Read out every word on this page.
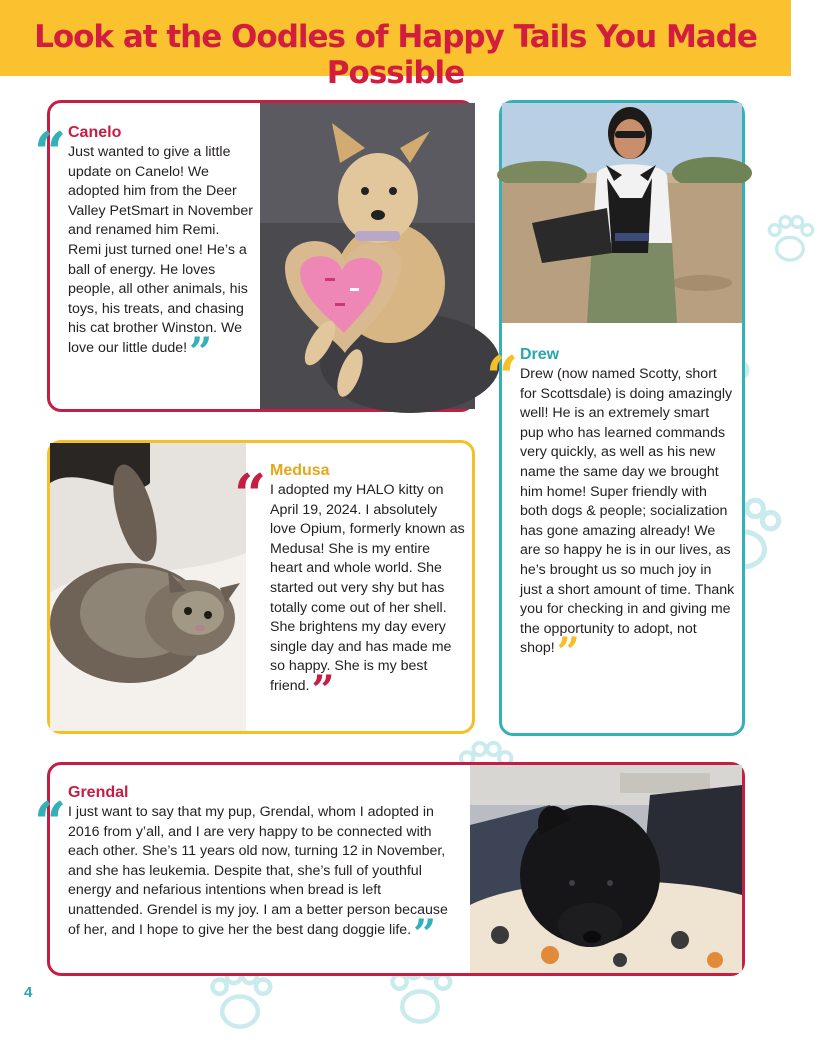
Look at the Oodles of Happy Tails You Made Possible
“ Canelo
Just wanted to give a little update on Canelo! We adopted him from the Deer Valley PetSmart in November and renamed him Remi. Remi just turned one! He’s a ball of energy. He loves people, all other animals, his toys, his treats, and chasing his cat brother Winston. We love our little dude!”	“ Drew
Drew (now named Scotty, short for Scottsdale) is doing amazingly well! He is an extremely smart pup who has learned commands very quickly, as well as his new name the same day we brought him home! Super friendly with both dogs & people; socialization has gone amazing already! We are so happy he is in our lives, as he’s brought us so much joy in just a short amount of time. Thank you for checking in and giving me the opportunity to adopt, not shop!”
“ Medusa
I adopted my HALO kitty on April 19, 2024. I absolutely love Opium, formerly known as Medusa! She is my entire heart and whole world. She started out very shy but has totally come out of her shell. She brightens my day every single day and has made me so happy. She is my best friend.”
“ Grendal
I just want to say that my pup, Grendal, whom I adopted in 2016 from y’all, and I are very happy to be connected with each other. She’s 11 years old now, turning 12 in November, and she has leukemia. Despite that, she’s full of youthful energy and nefarious intentions when bread is left unattended. Grendel is my joy. I am a better person because of her, and I hope to give her the best dang doggie life.”
4
